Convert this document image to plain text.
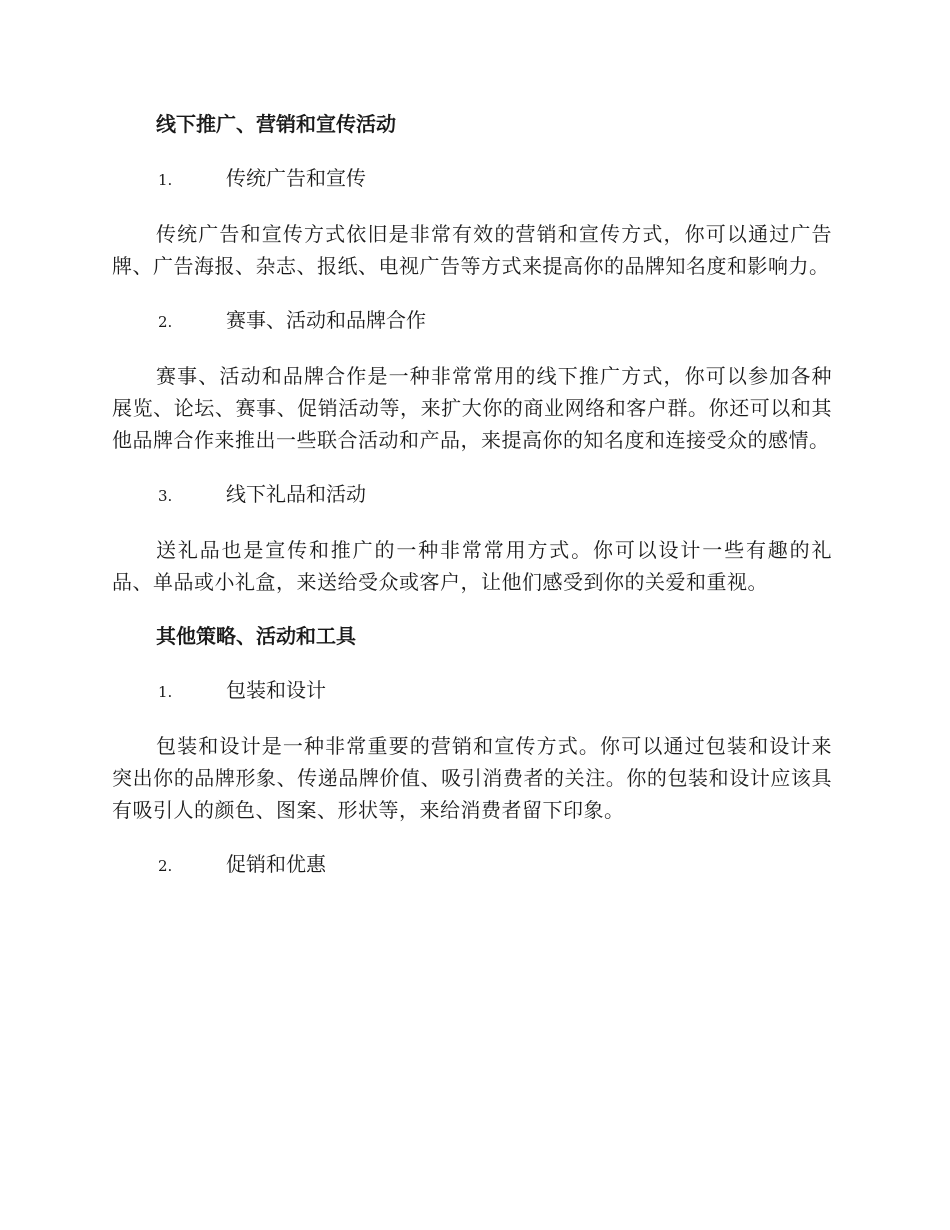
线下推广、营销和宣传活动
1.	传统广告和宣传

传统广告和宣传方式依旧是非常有效的营销和宣传方式，你可以通过广告牌、广告海报、杂志、报纸、电视广告等方式来提高你的品牌知名度和影响力。

2.	赛事、活动和品牌合作

赛事、活动和品牌合作是一种非常常用的线下推广方式，你可以参加各种展览、论坛、赛事、促销活动等，来扩大你的商业网络和客户群。你还可以和其他品牌合作来推出一些联合活动和产品，来提高你的知名度和连接受众的感情。

3.	线下礼品和活动

送礼品也是宣传和推广的一种非常常用方式。你可以设计一些有趣的礼品、单品或小礼盒，来送给受众或客户，让他们感受到你的关爱和重视。

其他策略、活动和工具
1.	包装和设计

包装和设计是一种非常重要的营销和宣传方式。你可以通过包装和设计来突出你的品牌形象、传递品牌价值、吸引消费者的关注。你的包装和设计应该具有吸引人的颜色、图案、形状等，来给消费者留下印象。

2.	促销和优惠
